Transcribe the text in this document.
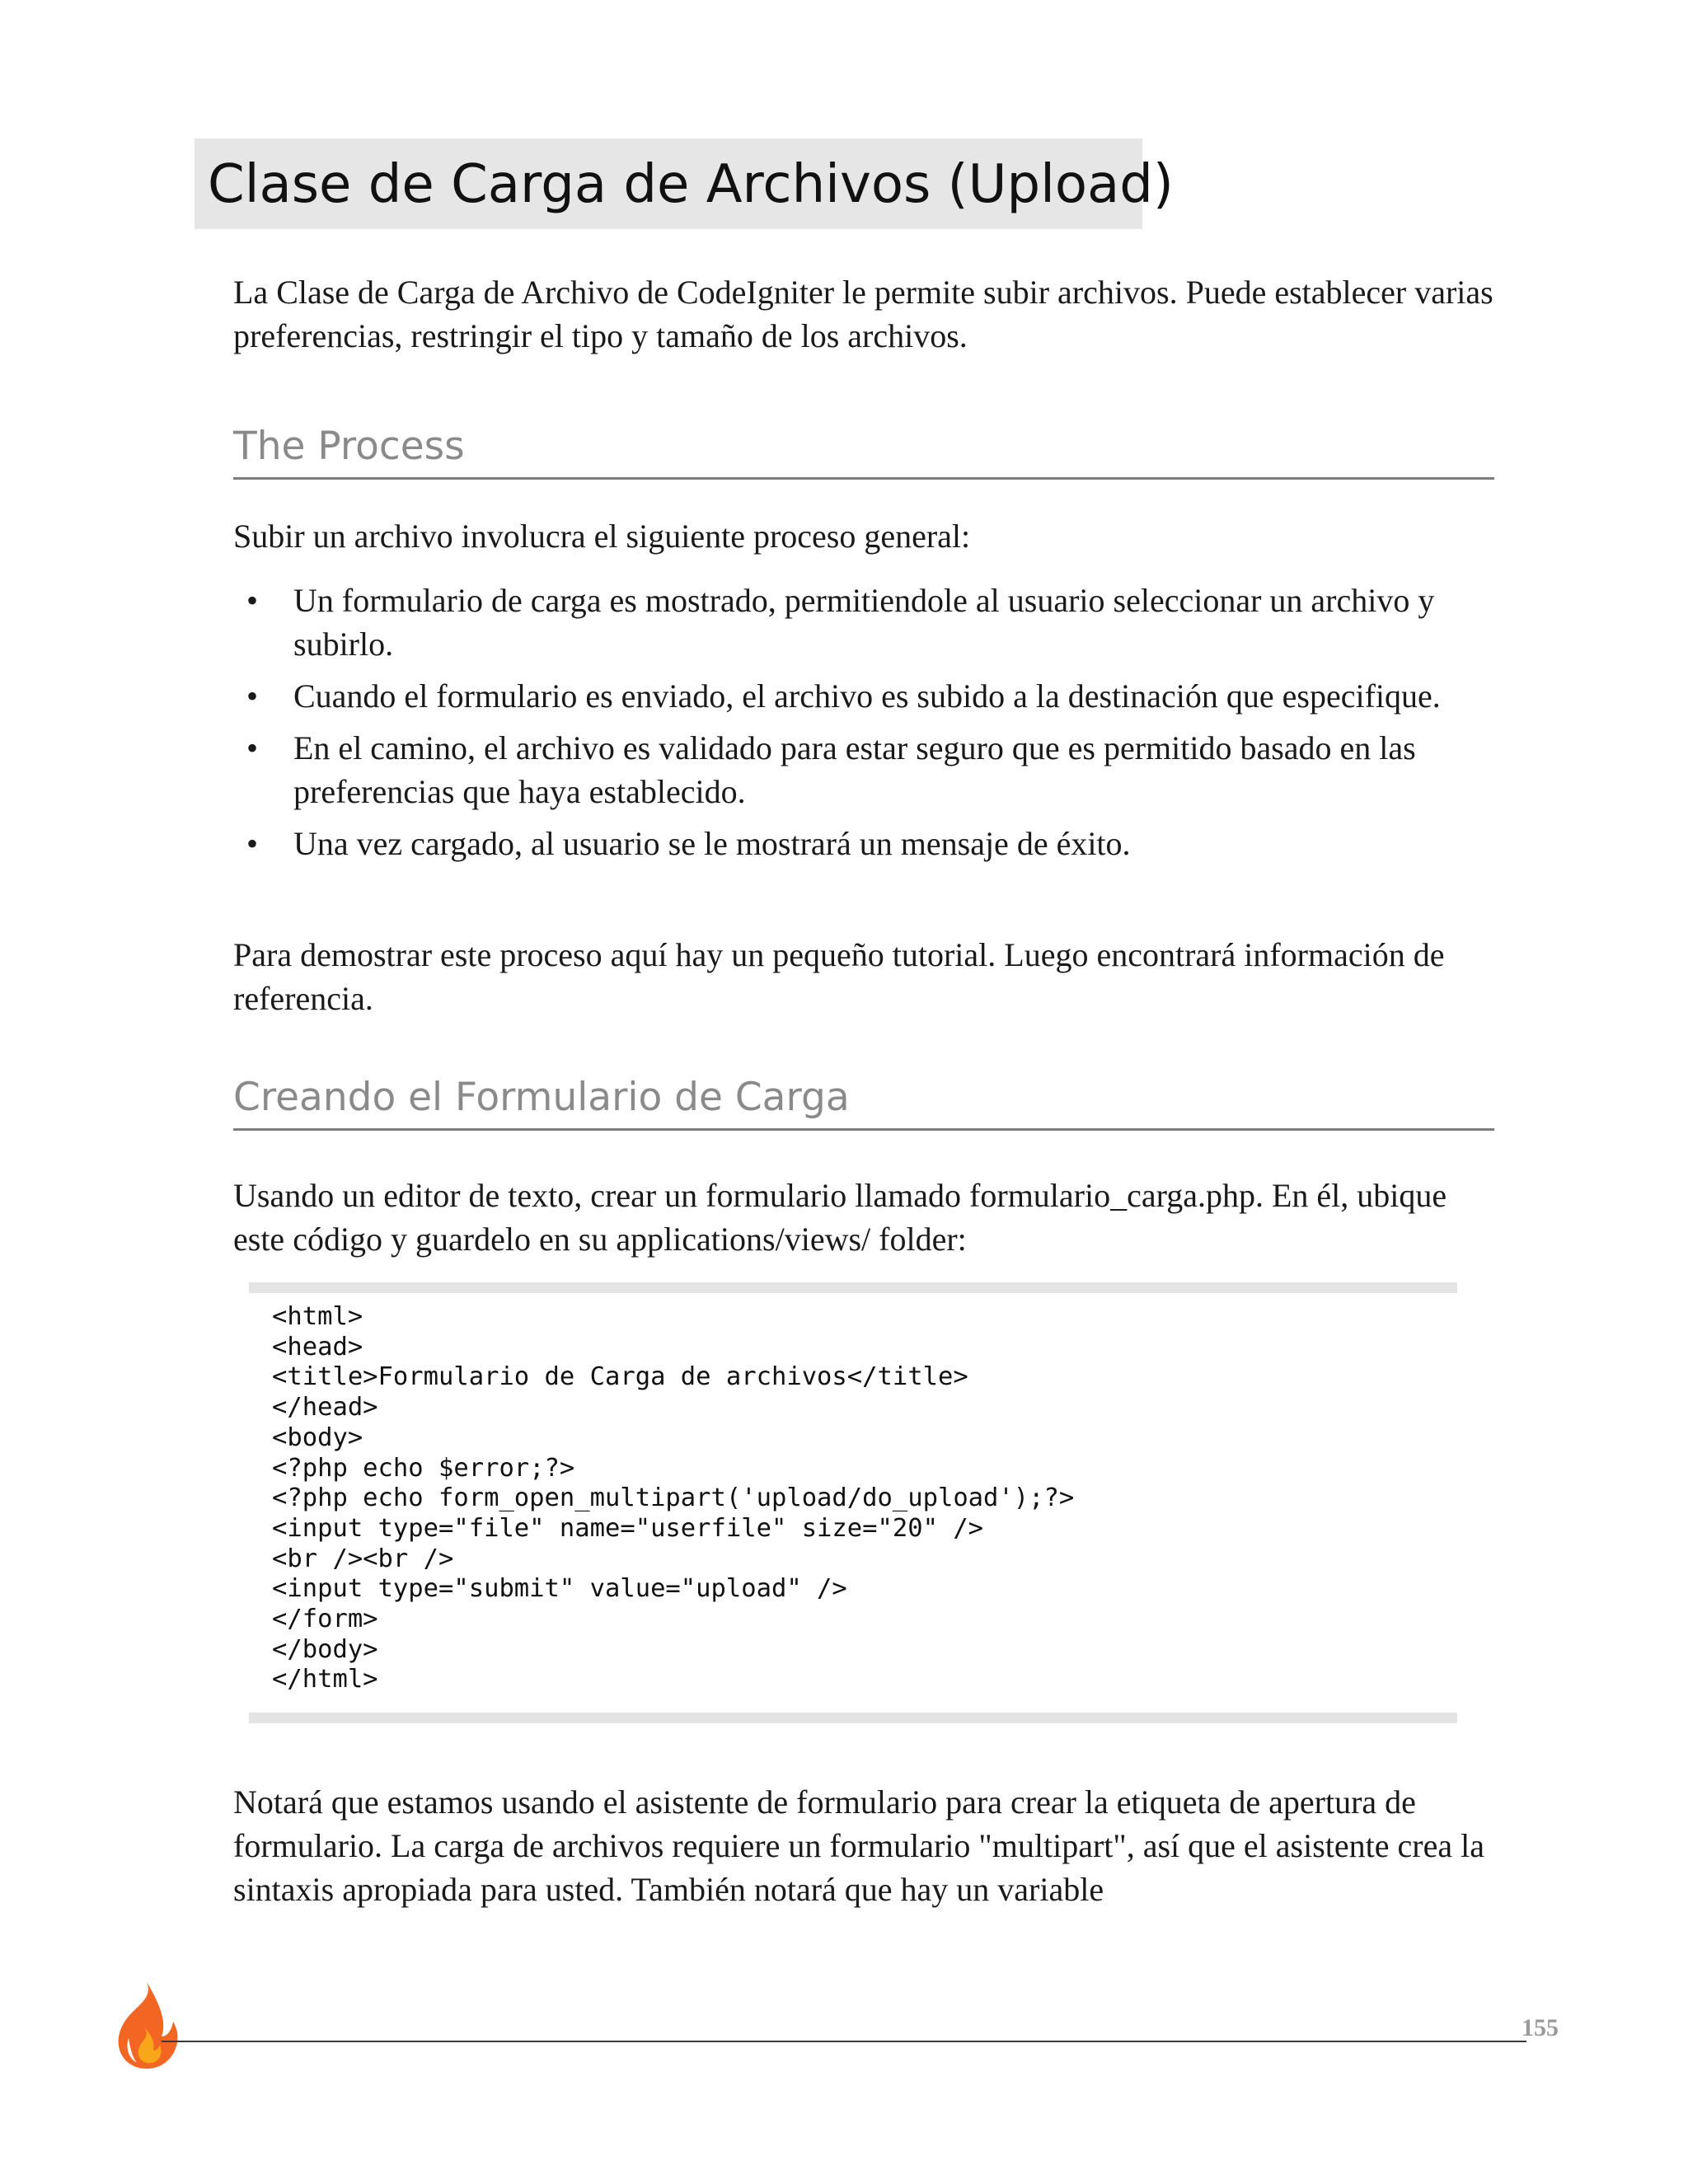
Clase de Carga de Archivos (Upload)
La Clase de Carga de Archivo de CodeIgniter le permite subir archivos. Puede establecer varias preferencias, restringir el tipo y tamaño de los archivos.
The Process
Subir un archivo involucra el siguiente proceso general:
• Un formulario de carga es mostrado, permitiendole al usuario seleccionar un archivo y subirlo.
• Cuando el formulario es enviado, el archivo es subido a la destinación que especifique.
• En el camino, el archivo es validado para estar seguro que es permitido basado en las preferencias que haya establecido.
• Una vez cargado, al usuario se le mostrará un mensaje de éxito.
Para demostrar este proceso aquí hay un pequeño tutorial. Luego encontrará información de referencia.
Creando el Formulario de Carga
Usando un editor de texto, crear un formulario llamado formulario_carga.php. En él, ubique este código y guardelo en su applications/views/ folder:
<html>
<head>
<title>Formulario de Carga de archivos</title>
</head>
<body>
<?php echo $error;?>
<?php echo form_open_multipart('upload/do_upload');?>
<input type="file" name="userfile" size="20" />
<br /><br />
<input type="submit" value="upload" />
</form>
</body>
</html>
Notará que estamos usando el asistente de formulario para crear la etiqueta de apertura de formulario. La carga de archivos requiere un formulario "multipart", así que el asistente crea la sintaxis apropiada para usted. También notará que hay un variable
155
